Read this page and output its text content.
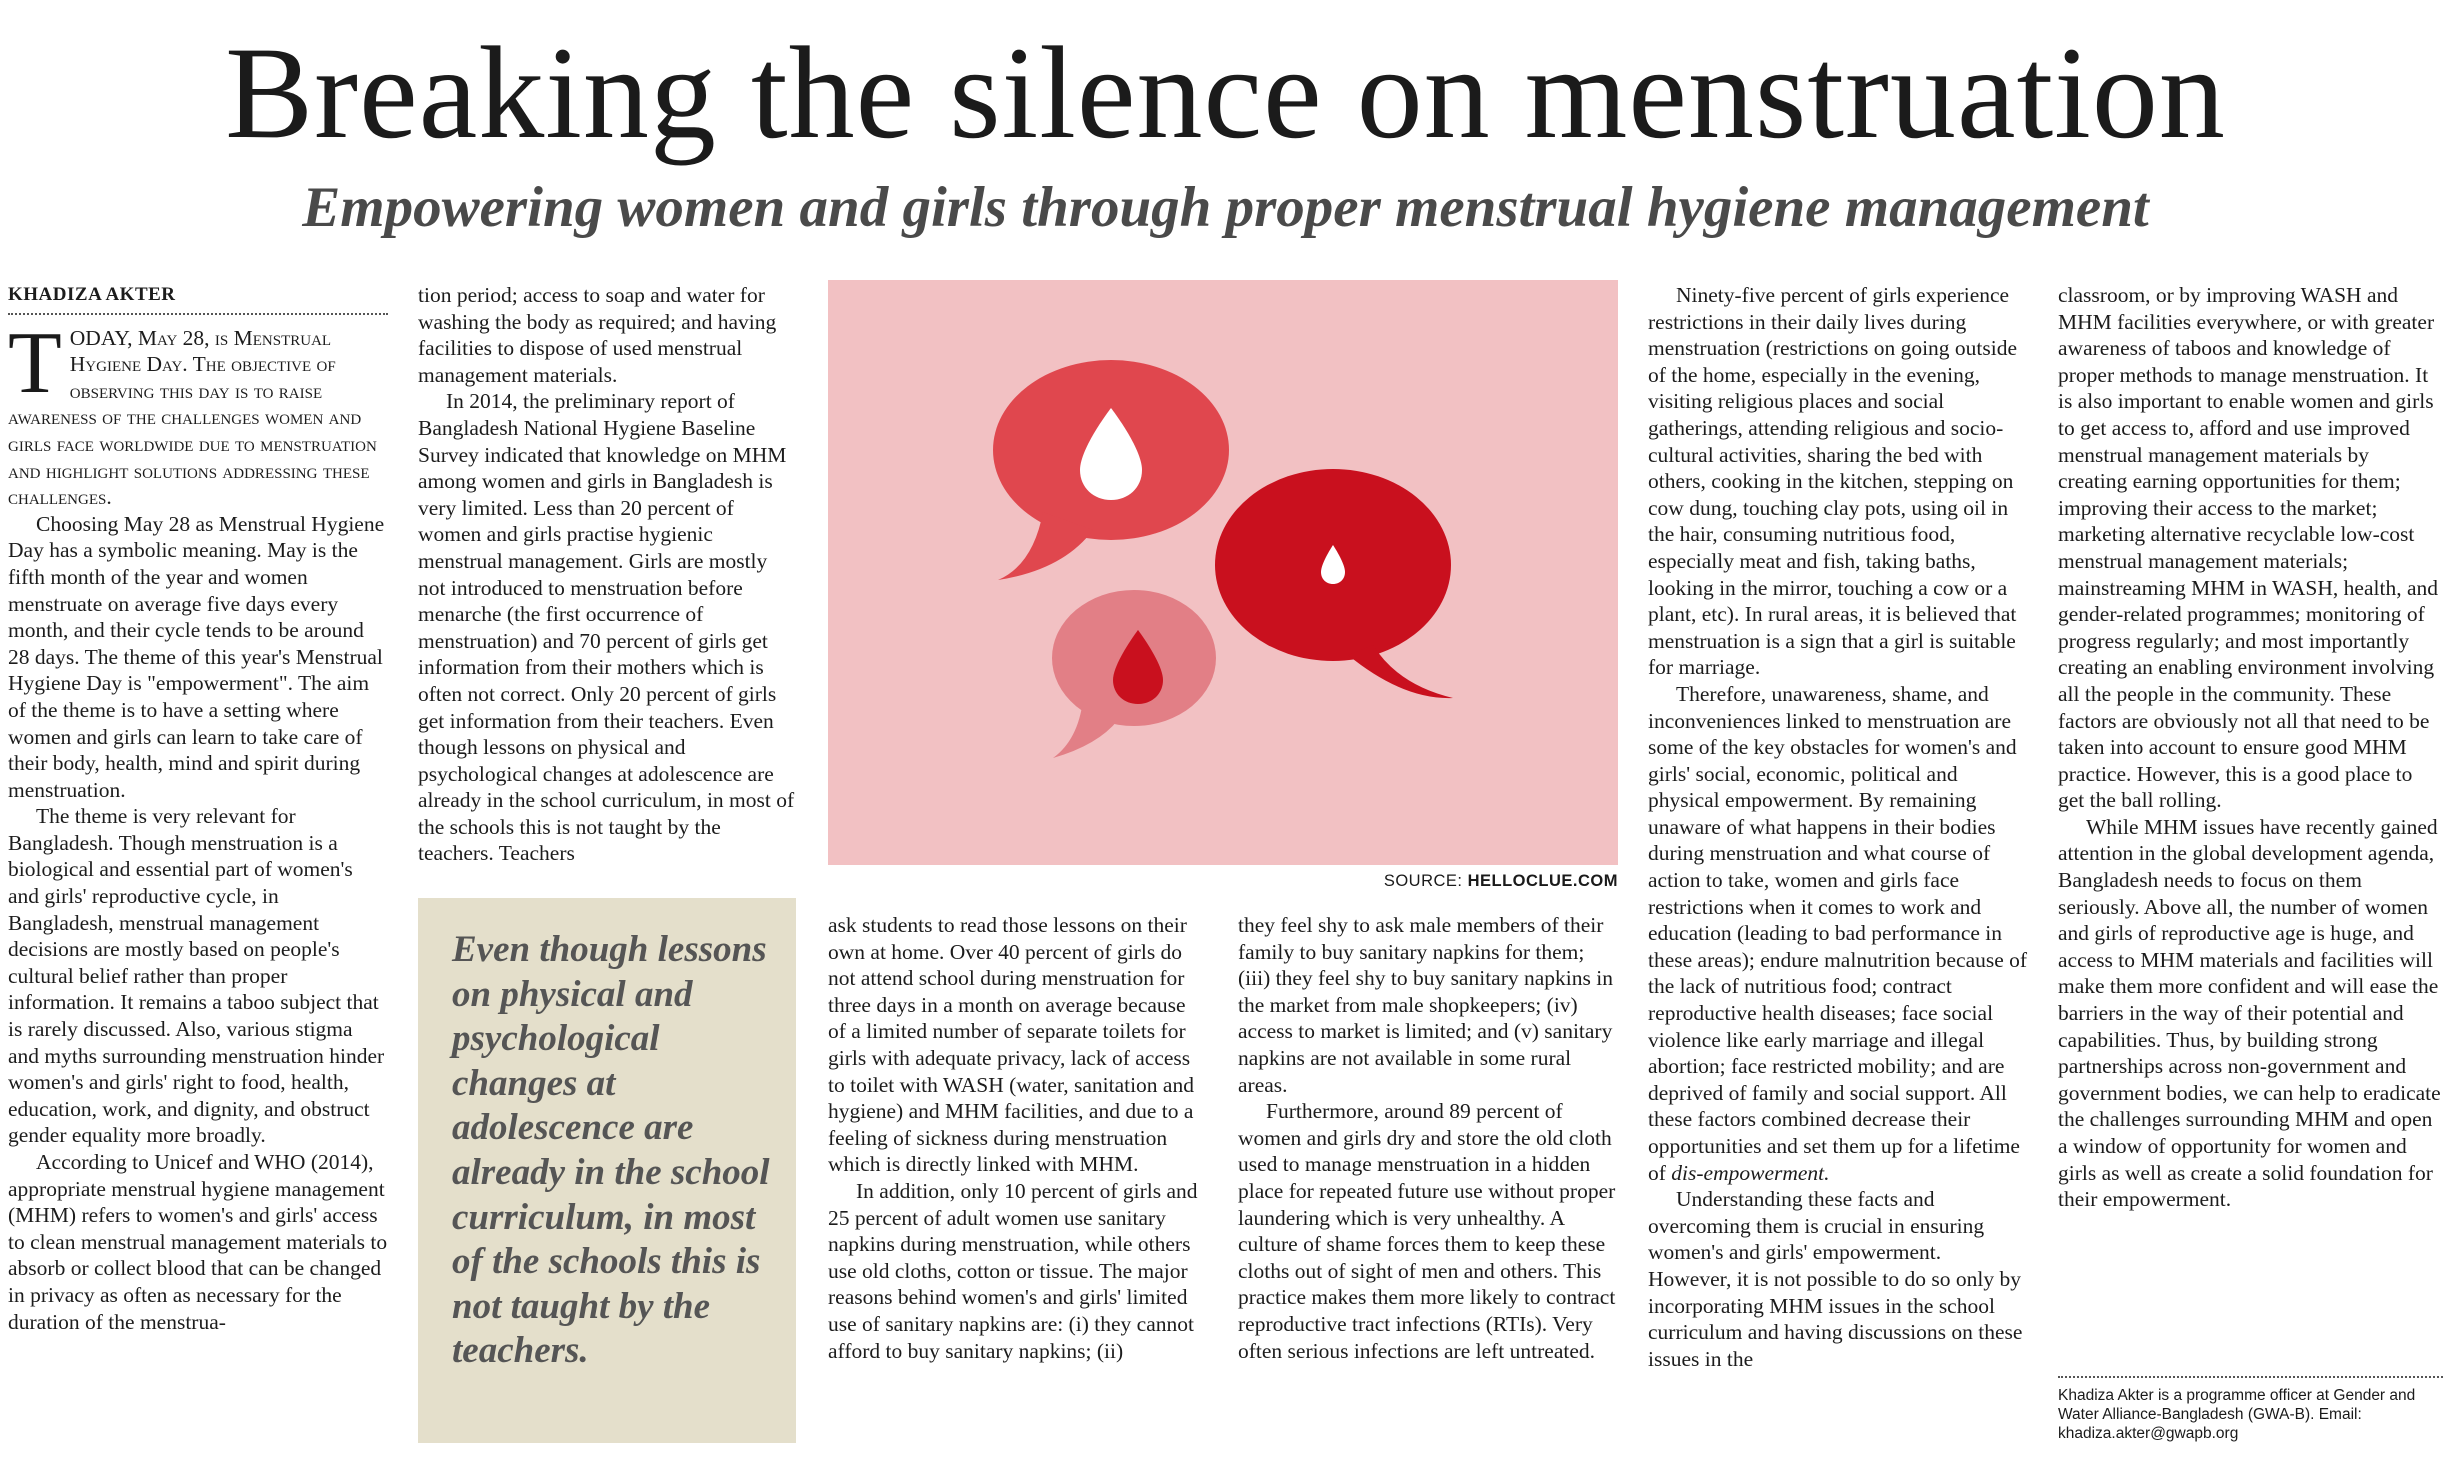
Breaking the silence on menstruation
Empowering women and girls through proper menstrual hygiene management
KHADIZA AKTER

TODAY, May 28, is Menstrual Hygiene Day. The objective of observing this day is to raise awareness of the challenges women and girls face worldwide due to menstruation and highlight solutions addressing these challenges.

Choosing May 28 as Menstrual Hygiene Day has a symbolic meaning. May is the fifth month of the year and women menstruate on average five days every month, and their cycle tends to be around 28 days. The theme of this year's Menstrual Hygiene Day is "empowerment". The aim of the theme is to have a setting where women and girls can learn to take care of their body, health, mind and spirit during menstruation.

The theme is very relevant for Bangladesh. Though menstruation is a biological and essential part of women's and girls' reproductive cycle, in Bangladesh, menstrual management decisions are mostly based on people's cultural belief rather than proper information. It remains a taboo subject that is rarely discussed. Also, various stigma and myths surrounding menstruation hinder women's and girls' right to food, health, education, work, and dignity, and obstruct gender equality more broadly.

According to Unicef and WHO (2014), appropriate menstrual hygiene management (MHM) refers to women's and girls' access to clean menstrual management materials to absorb or collect blood that can be changed in privacy as often as necessary for the duration of the menstrua-

tion period; access to soap and water for washing the body as required; and having facilities to dispose of used menstrual management materials.

In 2014, the preliminary report of Bangladesh National Hygiene Baseline Survey indicated that knowledge on MHM among women and girls in Bangladesh is very limited. Less than 20 percent of women and girls practise hygienic menstrual management. Girls are mostly not introduced to menstruation before menarche (the first occurrence of menstruation) and 70 percent of girls get information from their mothers which is often not correct. Only 20 percent of girls get information from their teachers. Even though lessons on physical and psychological changes at adolescence are already in the school curriculum, in most of the schools this is not taught by the teachers. Teachers

Even though lessons on physical and psychological changes at adolescence are already in the school curriculum, in most of the schools this is not taught by the teachers.
SOURCE: HELLOCLUE.COM

ask students to read those lessons on their own at home. Over 40 percent of girls do not attend school during menstruation for three days in a month on average because of a limited number of separate toilets for girls with adequate privacy, lack of access to toilet with WASH (water, sanitation and hygiene) and MHM facilities, and due to a feeling of sickness during menstruation which is directly linked with MHM.

In addition, only 10 percent of girls and 25 percent of adult women use sanitary napkins during menstruation, while others use old cloths, cotton or tissue. The major reasons behind women's and girls' limited use of sanitary napkins are: (i) they cannot afford to buy sanitary napkins; (ii)

they feel shy to ask male members of their family to buy sanitary napkins for them; (iii) they feel shy to buy sanitary napkins in the market from male shopkeepers; (iv) access to market is limited; and (v) sanitary napkins are not available in some rural areas.

Furthermore, around 89 percent of women and girls dry and store the old cloth used to manage menstruation in a hidden place for repeated future use without proper laundering which is very unhealthy. A culture of shame forces them to keep these cloths out of sight of men and others. This practice makes them more likely to contract reproductive tract infections (RTIs). Very often serious infections are left untreated.

Ninety-five percent of girls experience restrictions in their daily lives during menstruation (restrictions on going outside of the home, especially in the evening, visiting religious places and social gatherings, attending religious and socio-cultural activities, sharing the bed with others, cooking in the kitchen, stepping on cow dung, touching clay pots, using oil in the hair, consuming nutritious food, especially meat and fish, taking baths, looking in the mirror, touching a cow or a plant, etc). In rural areas, it is believed that menstruation is a sign that a girl is suitable for marriage.

Therefore, unawareness, shame, and inconveniences linked to menstruation are some of the key obstacles for women's and girls' social, economic, political and physical empowerment. By remaining unaware of what happens in their bodies during menstruation and what course of action to take, women and girls face restrictions when it comes to work and education (leading to bad performance in these areas); endure malnutrition because of the lack of nutritious food; contract reproductive health diseases; face social violence like early marriage and illegal abortion; face restricted mobility; and are deprived of family and social support. All these factors combined decrease their opportunities and set them up for a lifetime of dis-empowerment.

Understanding these facts and overcoming them is crucial in ensuring women's and girls' empowerment. However, it is not possible to do so only by incorporating MHM issues in the school curriculum and having discussions on these issues in the

classroom, or by improving WASH and MHM facilities everywhere, or with greater awareness of taboos and knowledge of proper methods to manage menstruation. It is also important to enable women and girls to get access to, afford and use improved menstrual management materials by creating earning opportunities for them; improving their access to the market; marketing alternative recyclable low-cost menstrual management materials; mainstreaming MHM in WASH, health, and gender-related programmes; monitoring of progress regularly; and most importantly creating an enabling environment involving all the people in the community. These factors are obviously not all that need to be taken into account to ensure good MHM practice. However, this is a good place to get the ball rolling.

While MHM issues have recently gained attention in the global development agenda, Bangladesh needs to focus on them seriously. Above all, the number of women and girls of reproductive age is huge, and access to MHM materials and facilities will make them more confident and will ease the barriers in the way of their potential and capabilities. Thus, by building strong partnerships across non-government and government bodies, we can help to eradicate the challenges surrounding MHM and open a window of opportunity for women and girls as well as create a solid foundation for their empowerment.

Khadiza Akter is a programme officer at Gender and Water Alliance-Bangladesh (GWA-B). Email: khadiza.akter@gwapb.org
